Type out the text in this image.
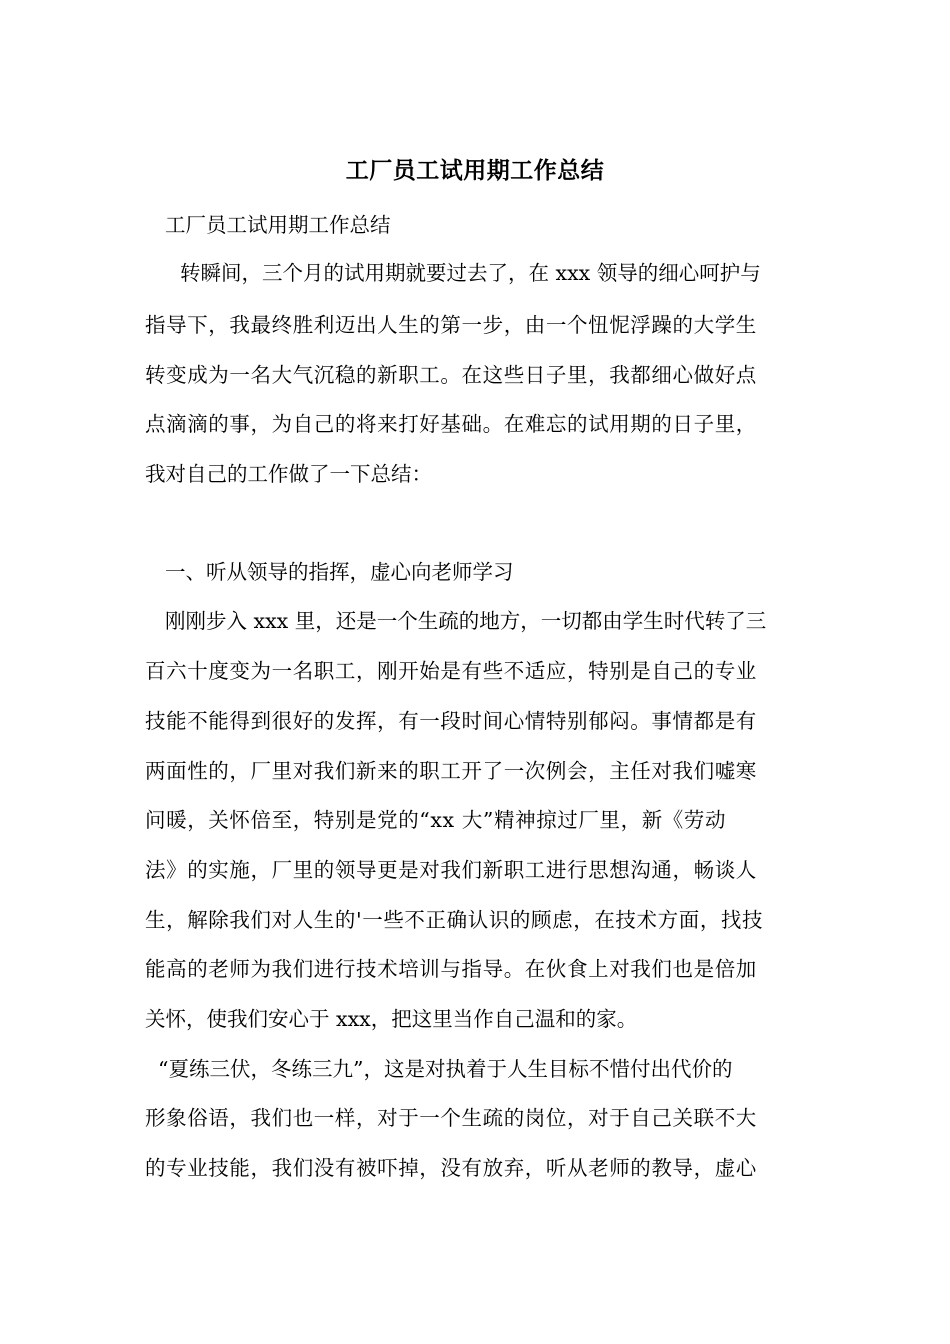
工厂员工试用期工作总结
工厂员工试用期工作总结
转瞬间，三个月的试用期就要过去了，在 xxx 领导的细心呵护与
指导下，我最终胜利迈出人生的第一步，由一个忸怩浮躁的大学生
转变成为一名大气沉稳的新职工。在这些日子里，我都细心做好点
点滴滴的事，为自己的将来打好基础。在难忘的试用期的日子里，
我对自己的工作做了一下总结：
一、听从领导的指挥，虚心向老师学习
刚刚步入 xxx 里，还是一个生疏的地方，一切都由学生时代转了三
百六十度变为一名职工，刚开始是有些不适应，特别是自己的专业
技能不能得到很好的发挥，有一段时间心情特别郁闷。事情都是有
两面性的，厂里对我们新来的职工开了一次例会，主任对我们嘘寒
问暖，关怀倍至，特别是党的“xx 大”精神掠过厂里，新《劳动
法》的实施，厂里的领导更是对我们新职工进行思想沟通，畅谈人
生，解除我们对人生的'一些不正确认识的顾虑，在技术方面，找技
能高的老师为我们进行技术培训与指导。在伙食上对我们也是倍加
关怀，使我们安心于 xxx，把这里当作自己温和的家。
“夏练三伏，冬练三九”，这是对执着于人生目标不惜付出代价的
形象俗语，我们也一样，对于一个生疏的岗位，对于自己关联不大
的专业技能，我们没有被吓掉，没有放弃，听从老师的教导，虚心
